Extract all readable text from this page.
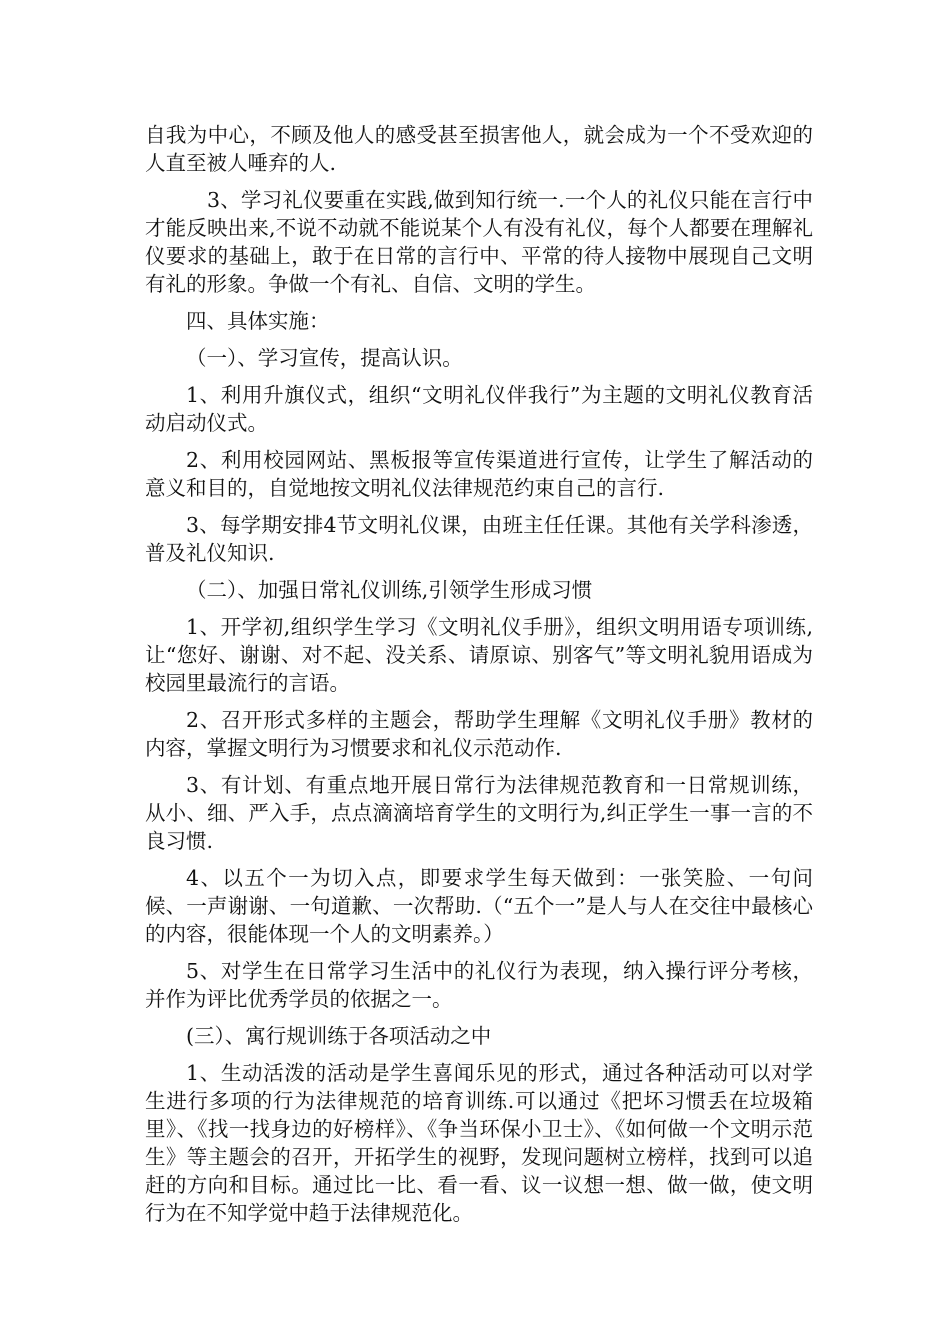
自我为中心，不顾及他人的感受甚至损害他人，就会成为一个不受欢迎的人直至被人唾弃的人.

3、学习礼仪要重在实践,做到知行统一.一个人的礼仪只能在言行中才能反映出来,不说不动就不能说某个人有没有礼仪，每个人都要在理解礼仪要求的基础上，敢于在日常的言行中、平常的待人接物中展现自己文明有礼的形象。争做一个有礼、自信、文明的学生。

四、具体实施：

（一）、学习宣传，提高认识。

1、利用升旗仪式，组织“文明礼仪伴我行”为主题的文明礼仪教育活动启动仪式。

2、利用校园网站、黑板报等宣传渠道进行宣传，让学生了解活动的意义和目的，自觉地按文明礼仪法律规范约束自己的言行.

3、每学期安排4节文明礼仪课，由班主任任课。其他有关学科渗透，普及礼仪知识.

（二）、加强日常礼仪训练,引领学生形成习惯

1、开学初,组织学生学习《文明礼仪手册》，组织文明用语专项训练,让“您好、谢谢、对不起、没关系、请原谅、别客气”等文明礼貌用语成为校园里最流行的言语。

2、召开形式多样的主题会，帮助学生理解《文明礼仪手册》教材的内容，掌握文明行为习惯要求和礼仪示范动作.

3、有计划、有重点地开展日常行为法律规范教育和一日常规训练，从小、细、严入手，点点滴滴培育学生的文明行为,纠正学生一事一言的不良习惯.

4、以五个一为切入点，即要求学生每天做到：一张笑脸、一句问候、一声谢谢、一句道歉、一次帮助.（“五个一”是人与人在交往中最核心的内容，很能体现一个人的文明素养。）

5、对学生在日常学习生活中的礼仪行为表现，纳入操行评分考核，并作为评比优秀学员的依据之一。

(三）、寓行规训练于各项活动之中

1、生动活泼的活动是学生喜闻乐见的形式，通过各种活动可以对学生进行多项的行为法律规范的培育训练.可以通过《把坏习惯丢在垃圾箱里》、《找一找身边的好榜样》、《争当环保小卫士》、《如何做一个文明示范生》等主题会的召开，开拓学生的视野，发现问题树立榜样，找到可以追赶的方向和目标。通过比一比、看一看、议一议想一想、做一做，使文明行为在不知学觉中趋于法律规范化。
